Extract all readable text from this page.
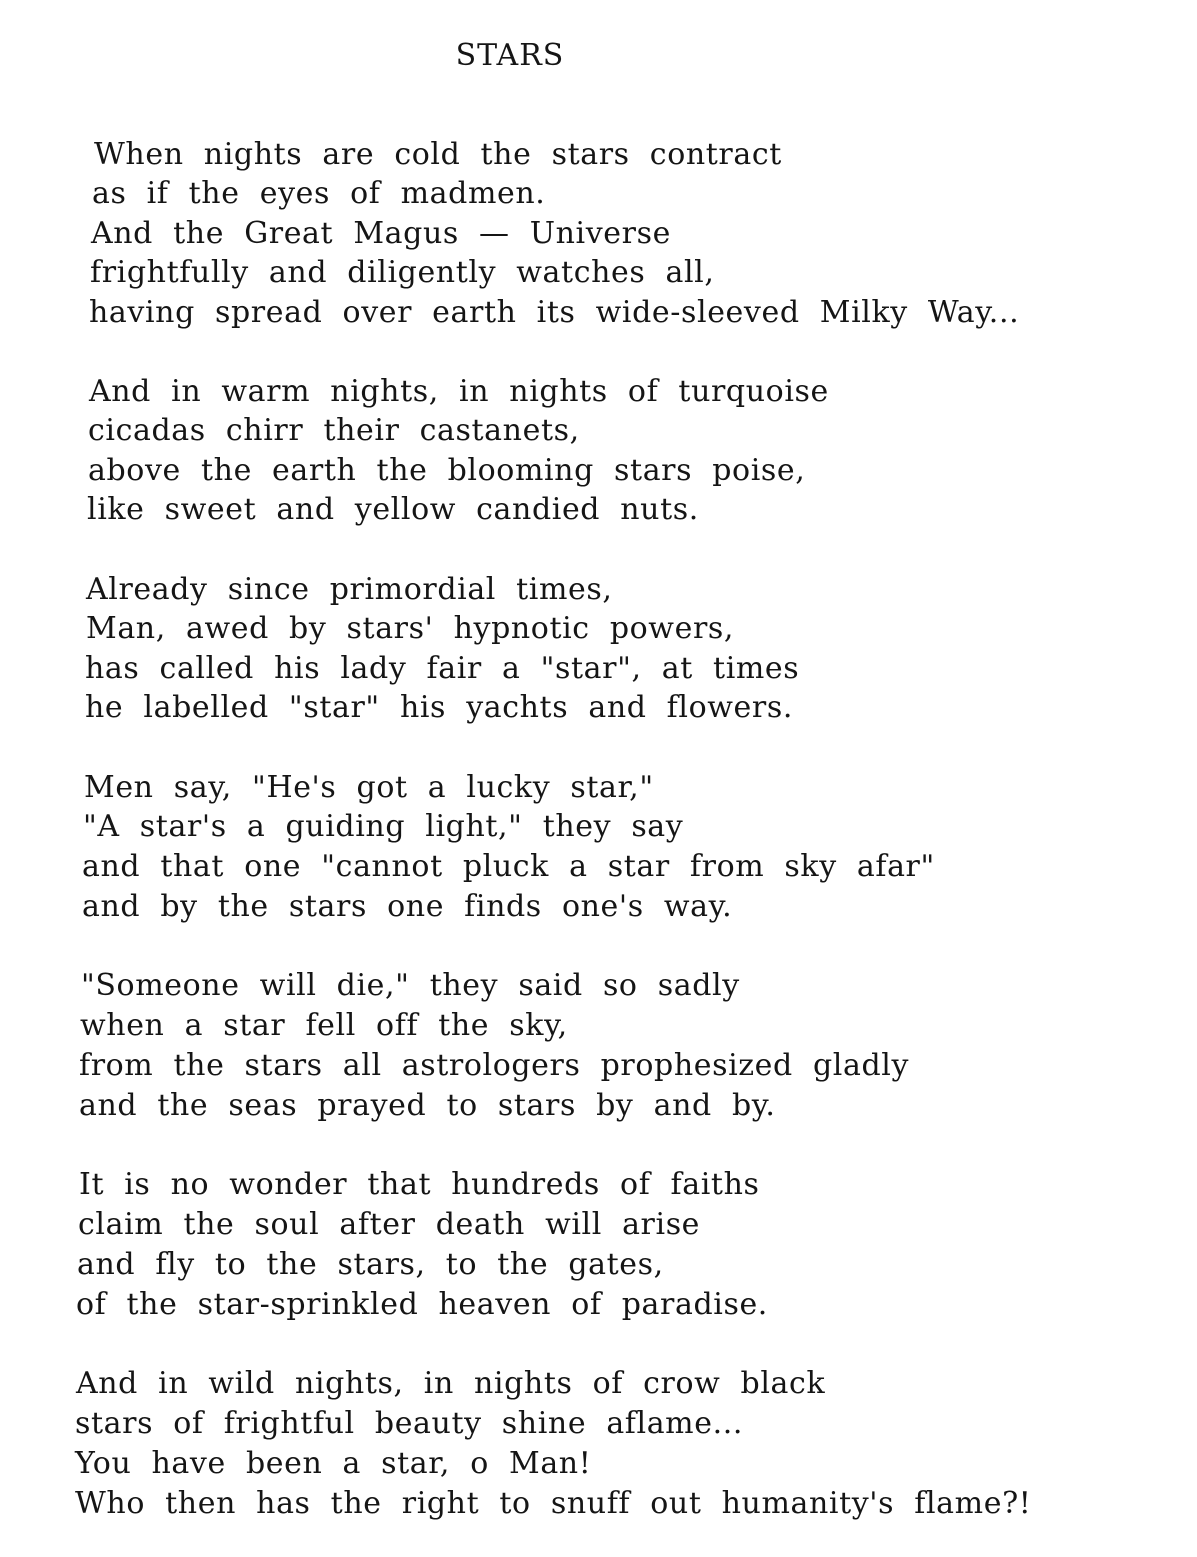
STARS
When nights are cold the stars contract
as if the eyes of madmen.
And the Great Magus — Universe
frightfully and diligently watches all,
having spread over earth its wide-sleeved Milky Way...
And in warm nights, in nights of turquoise
cicadas chirr their castanets,
above the earth the blooming stars poise,
like sweet and yellow candied nuts.
Already since primordial times,
Man, awed by stars' hypnotic powers,
has called his lady fair a "star", at times
he labelled "star" his yachts and flowers.
Men say, "He's got a lucky star,"
"A star's a guiding light," they say
and that one "cannot pluck a star from sky afar"
and by the stars one finds one's way.
"Someone will die," they said so sadly
when a star fell off the sky,
from the stars all astrologers prophesized gladly
and the seas prayed to stars by and by.
It is no wonder that hundreds of faiths
claim the soul after death will arise
and fly to the stars, to the gates,
of the star-sprinkled heaven of paradise.
And in wild nights, in nights of crow black
stars of frightful beauty shine aflame...
You have been a star, o Man!
Who then has the right to snuff out humanity's flame?!
